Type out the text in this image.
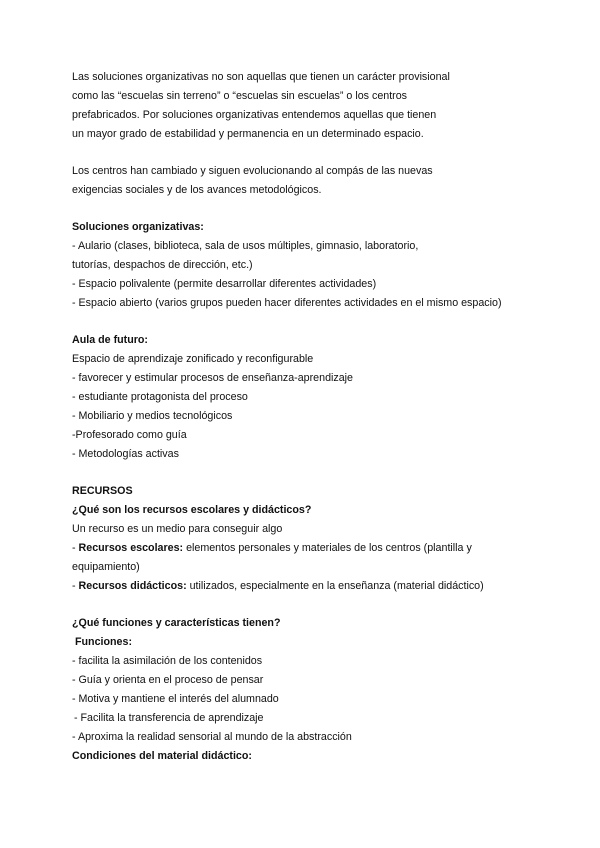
Las soluciones organizativas no son aquellas que tienen un carácter provisional
como las “escuelas sin terreno” o “escuelas sin escuelas” o los centros
prefabricados. Por soluciones organizativas entendemos aquellas que tienen
un mayor grado de estabilidad y permanencia en un determinado espacio.
Los centros han cambiado y siguen evolucionando al compás de las nuevas
exigencias sociales y de los avances metodológicos.
Soluciones organizativas:
- Aulario (clases, biblioteca, sala de usos múltiples, gimnasio, laboratorio,
tutorías, despachos de dirección, etc.)
- Espacio polivalente (permite desarrollar diferentes actividades)
- Espacio abierto (varios grupos pueden hacer diferentes actividades en el mismo espacio)
Aula de futuro:
Espacio de aprendizaje zonificado y reconfigurable
- favorecer y estimular procesos de enseñanza-aprendizaje
- estudiante protagonista del proceso
- Mobiliario y medios tecnológicos
-Profesorado como guía
- Metodologías activas
RECURSOS
¿Qué son los recursos escolares y didácticos?
Un recurso es un medio para conseguir algo
- Recursos escolares: elementos personales y materiales de los centros (plantilla y
equipamiento)
- Recursos didácticos: utilizados, especialmente en la enseñanza (material didáctico)
¿Qué funciones y características tienen?
Funciones:
- facilita la asimilación de los contenidos
- Guía y orienta en el proceso de pensar
- Motiva y mantiene el interés del alumnado
- Facilita la transferencia de aprendizaje
- Aproxima la realidad sensorial al mundo de la abstracción
Condiciones del material didáctico:
